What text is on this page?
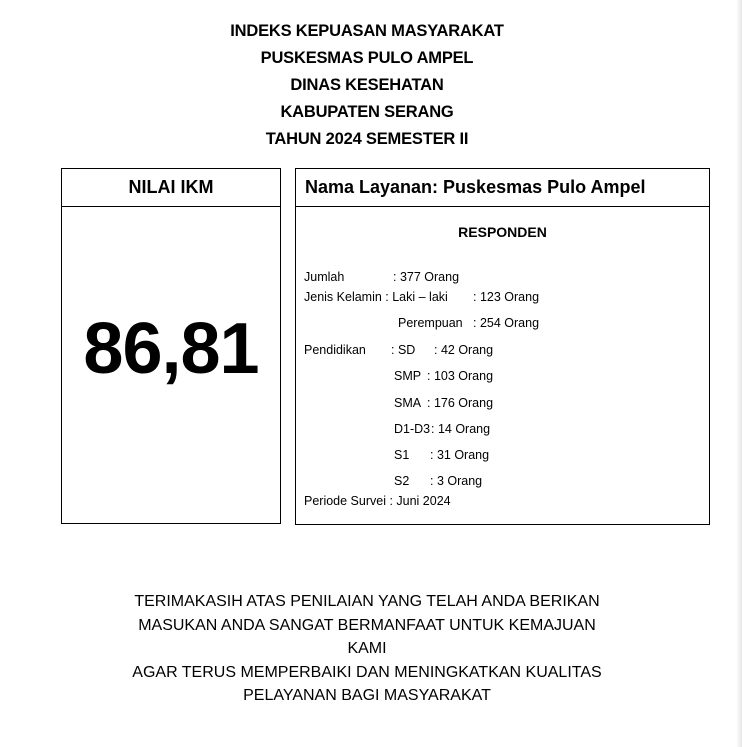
INDEKS KEPUASAN MASYARAKAT
PUSKESMAS PULO AMPEL
DINAS KESEHATAN
KABUPATEN SERANG
TAHUN 2024 SEMESTER II
NILAI IKM
86,81
Nama Layanan: Puskesmas Pulo Ampel
RESPONDEN
Jumlah	: 377 Orang
Jenis Kelamin : Laki – laki : 123 Orang
Perempuan : 254 Orang
Pendidikan : SD : 42 Orang
SMP : 103 Orang
SMA : 176 Orang
D1-D3 : 14 Orang
S1 : 31 Orang
S2 : 3 Orang
Periode Survei : Juni 2024
TERIMAKASIH ATAS PENILAIAN YANG TELAH ANDA BERIKAN
MASUKAN ANDA SANGAT BERMANFAAT UNTUK KEMAJUAN
KAMI
AGAR TERUS MEMPERBAIKI DAN MENINGKATKAN KUALITAS
PELAYANAN BAGI MASYARAKAT
